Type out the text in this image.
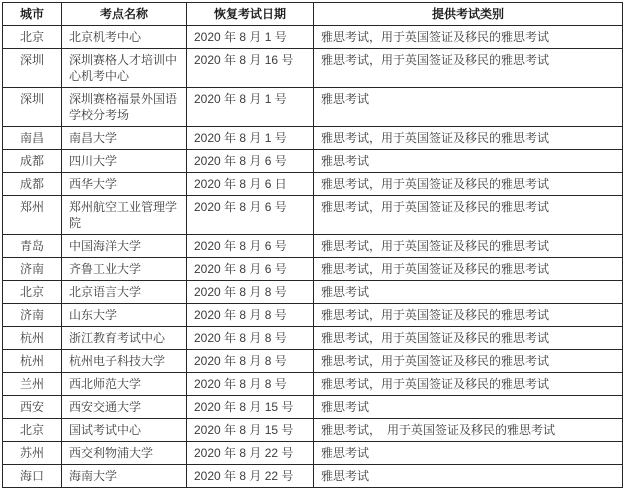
城市	考点名称	恢复考试日期	提供考试类别
北京	北京机考中心	2020 年 8 月 1 号	雅思考试，用于英国签证及移民的雅思考试
深圳	深圳赛格人才培训中心机考中心	2020 年 8 月 16 号	雅思考试，用于英国签证及移民的雅思考试
深圳	深圳赛格福景外国语学校分考场	2020 年 8 月 1 号	雅思考试
南昌	南昌大学	2020 年 8 月 1 号	雅思考试，用于英国签证及移民的雅思考试
成都	四川大学	2020 年 8 月 6 号	雅思考试
成都	西华大学	2020 年 8 月 6 日	雅思考试，用于英国签证及移民的雅思考试
郑州	郑州航空工业管理学院	2020 年 8 月 6 号	雅思考试，用于英国签证及移民的雅思考试
青岛	中国海洋大学	2020 年 8 月 6 号	雅思考试，用于英国签证及移民的雅思考试
济南	齐鲁工业大学	2020 年 8 月 6 号	雅思考试，用于英国签证及移民的雅思考试
北京	北京语言大学	2020 年 8 月 8 号	雅思考试
济南	山东大学	2020 年 8 月 8 号	雅思考试，用于英国签证及移民的雅思考试
杭州	浙江教育考试中心	2020 年 8 月 8 号	雅思考试，用于英国签证及移民的雅思考试
杭州	杭州电子科技大学	2020 年 8 月 8 号	雅思考试，用于英国签证及移民的雅思考试
兰州	西北师范大学	2020 年 8 月 8 号	雅思考试，用于英国签证及移民的雅思考试
西安	西安交通大学	2020 年 8 月 15 号	雅思考试
北京	国试考试中心	2020 年 8 月 15 号	雅思考试，　用于英国签证及移民的雅思考试
苏州	西交利物浦大学	2020 年 8 月 22 号	雅思考试
海口	海南大学	2020 年 8 月 22 号	雅思考试
